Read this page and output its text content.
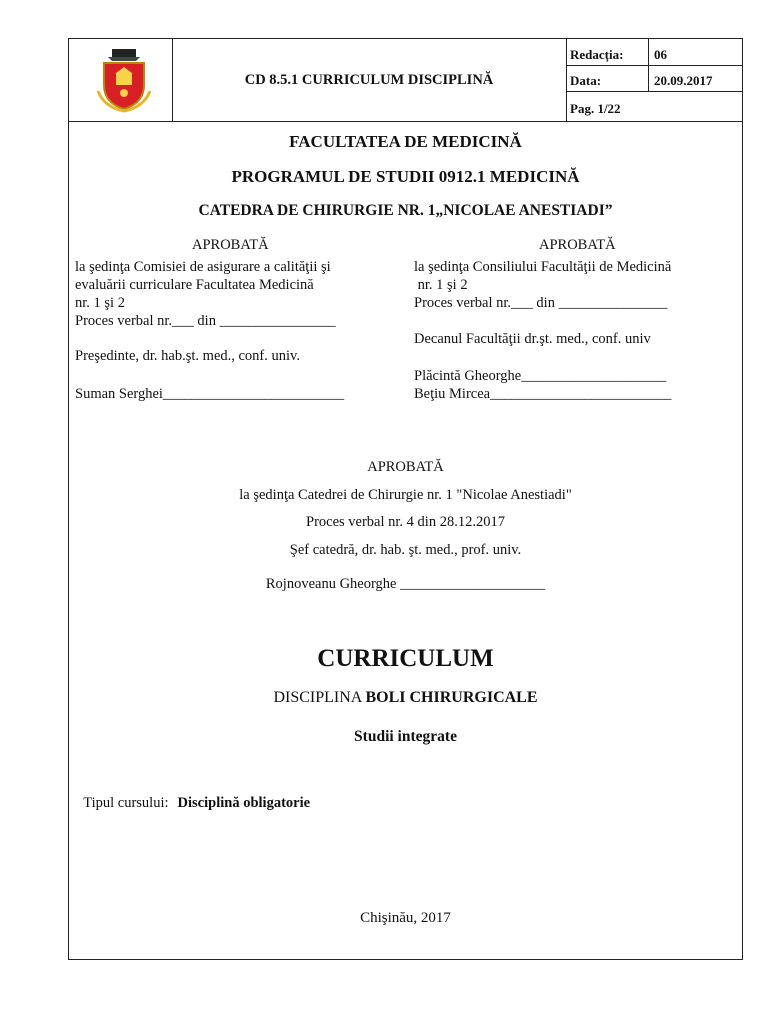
CD 8.5.1 CURRICULUM DISCIPLINĂ
Redacția: 06
Data:	20.09.2017
Pag. 1/22
FACULTATEA DE MEDICINĂ
PROGRAMUL DE STUDII 0912.1 MEDICINĂ
CATEDRA DE CHIRURGIE NR. 1„NICOLAE ANESTIADI”
APROBATĂ
la şedinţa Comisiei de asigurare a calităţii şi
evaluării curriculare Facultatea Medicină
nr. 1 şi 2
Proces verbal nr.___ din ________________
Preşedinte, dr. hab.şt. med., conf. univ.
Suman Serghei_________________________
APROBATĂ
la şedinţa Consiliului Facultăţii de Medicină
nr. 1 şi 2
Proces verbal nr.___ din _______________
Decanul Facultăţii dr.şt. med., conf. univ
Plăcintă Gheorghe____________________
Beţiu Mircea_________________________
APROBATĂ
la şedinţa Catedrei de Chirurgie nr. 1 "Nicolae Anestiadi"
Proces verbal nr. 4 din 28.12.2017
Şef catedră, dr. hab. şt. med., prof. univ.
Rojnoveanu Gheorghe ____________________
CURRICULUM
DISCIPLINA BOLI CHIRURGICALE
Studii integrate

Tipul cursului: Disciplină obligatorie

Chişinău, 2017
